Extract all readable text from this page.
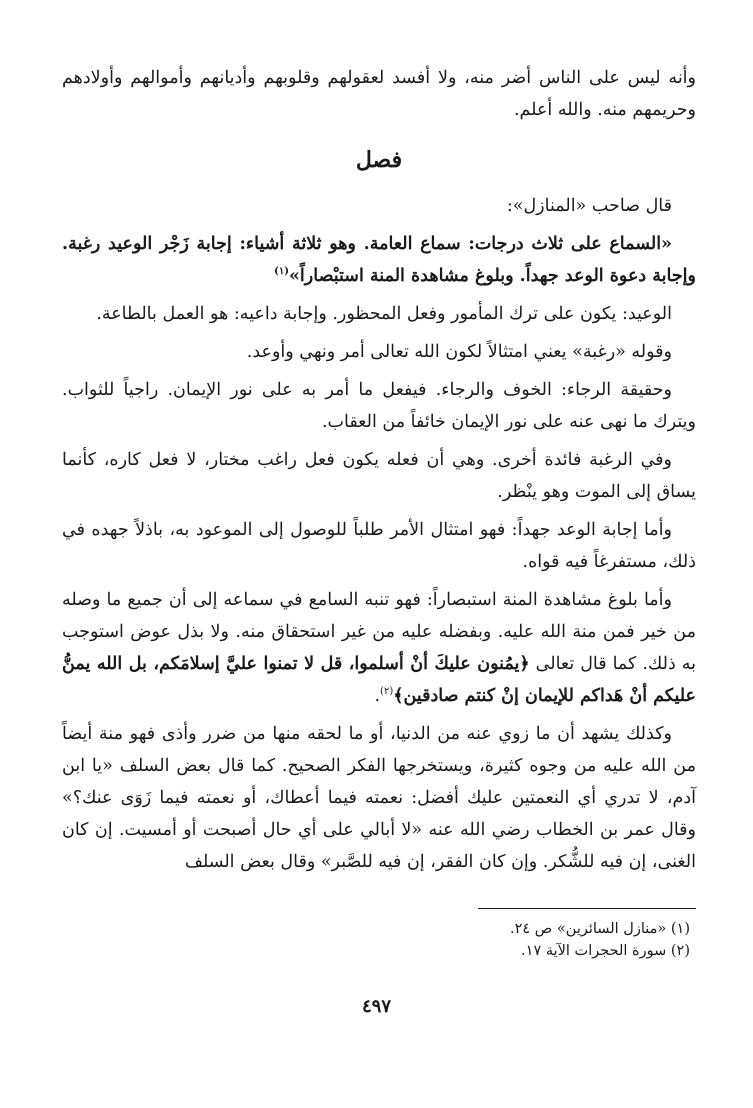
وأنه ليس على الناس أضر منه، ولا أفسد لعقولهم وقلوبهم وأديانهم وأموالهم وأولادهم وحريمهم منه. والله أعلم.

فصل

قال صاحب «المنازل»:

«السماع على ثلاث درجات: سماع العامة. وهو ثلاثة أشياء: إجابة زَجْر الوعيد رغبة. وإجابة دعوة الوعد جهداً. وبلوغ مشاهدة المنة استبْصاراً»$^{(١)}$

الوعيد: يكون على ترك المأمور وفعل المحظور. وإجابة داعيه: هو العمل بالطاعة.

وقوله «رغبة» يعني امتثالاً لكون الله تعالى أمر ونهي وأوعد.

وحقيقة الرجاء: الخوف والرجاء. فيفعل ما أمر به على نور الإيمان. راجياً للثواب. ويترك ما نهى عنه على نور الإيمان خائفاً من العقاب.

وفي الرغبة فائدة أخرى. وهي أن فعله يكون فعل راغب مختار، لا فعل كاره، كأنما يساق إلى الموت وهو ينْظر.

وأما إجابة الوعد جهداً: فهو امتثال الأمر طلباً للوصول إلى الموعود به، باذلاً جهده في ذلك، مستفرغاً فيه قواه.

وأما بلوغ مشاهدة المنة استبصاراً: فهو تنبه السامع في سماعه إلى أن جميع ما وصله من خير فمن منة الله عليه. وبفضله عليه من غير استحقاق منه. ولا بذل عوض استوجب به ذلك. كما قال تعالى ﴿يمُنون عليكَ أنْ أسلموا، قل لا تمنوا عليَّ إسلامَكم، بل الله يمنُّ عليكم أنْ هَداكم للإيمان إنْ كنتم صادقين﴾$^{(٢)}$.

وكذلك يشهد أن ما زوي عنه من الدنيا، أو ما لحقه منها من ضرر وأذى فهو منة أيضاً من الله عليه من وجوه كثيرة، ويستخرجها الفكر الصحيح. كما قال بعض السلف «يا ابن آدم، لا تدري أي النعمتين عليك أفضل: نعمته فيما أعطاك، أو نعمته فيما زَوَى عنك؟» وقال عمر بن الخطاب رضي الله عنه «لا أبالي على أي حال أصبحت أو أمسيت. إن كان الغنى، إن فيه للشُّكر. وإن كان الفقر، إن فيه للصَّبر» وقال بعض السلف

(١) «منازل السائرين» ص ٢٤.

(٢) سورة الحجرات الآية ١٧.

٤٩٧
